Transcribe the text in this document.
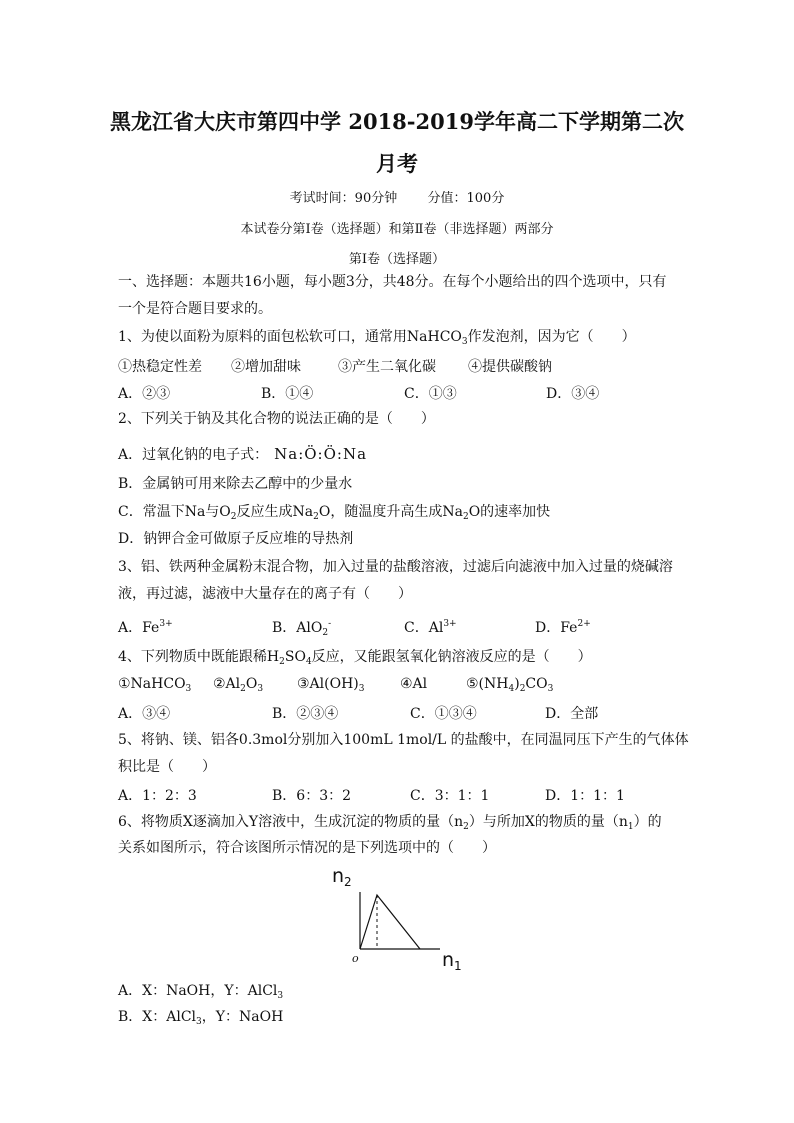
黑龙江省大庆市第四中学 2018-2019学年高二下学期第二次
月考
考试时间：90分钟 分值：100分
本试卷分第Ⅰ卷（选择题）和第Ⅱ卷（非选择题）两部分
第Ⅰ卷（选择题）
一、选择题：本题共16小题，每小题3分，共48分。在每个小题给出的四个选项中，只有
一个是符合题目要求的。
1、为使以面粉为原料的面包松软可口，通常用NaHCO$_3$作发泡剂，因为它（　　）
①热稳定性差 ②增加甜味	③产生二氧化碳 ④提供碳酸钠
A．②③	B．①④	C．①③	D．③④
2、下列关于钠及其化合物的说法正确的是（　　）
A．过氧化钠的电子式： Na:Ö:Ö:Na
B．金属钠可用来除去乙醇中的少量水
C．常温下Na与$O_2$反应生成$Na_2O$，随温度升高生成$Na_2O$的速率加快
D．钠钾合金可做原子反应堆的导热剂
3、铝、铁两种金属粉末混合物，加入过量的盐酸溶液，过滤后向滤液中加入过量的烧碱溶
液，再过滤，滤液中大量存在的离子有（　　）
A．$Fe^{3+}$	B．AlO$_2$-	C．$Al^{3+}$	D．$Fe^{2+}$
4、下列物质中既能跟稀$H_2SO_4$反应，又能跟氢氧化钠溶液反应的是（　　）
①NaHCO$_3$ $②Al_2O_3$ $③Al(OH)_3$	④Al	$⑤(NH_4)_2CO_3$
A．③④	B．②③④	C．①③④	D．全部
5、将钠、镁、铝各0.3mol分别加入100mL 1mol/L 的盐酸中，在同温同压下产生的气体体
积比是（　　）
A．1：2：3	B．6：3：2	C．3：1：1	D．1：1：1
6、将物质X逐滴加入Y溶液中，生成沉淀的物质的量$(n_2)$与所加X的物质的量$(n_1)$的
关系如图所示，符合该图所示情况的是下列选项中的（　　）
n 2
o	n 1
A．X：NaOH，Y：AlCl$_3$
B．X：AlCl$_3$，Y：NaOH
